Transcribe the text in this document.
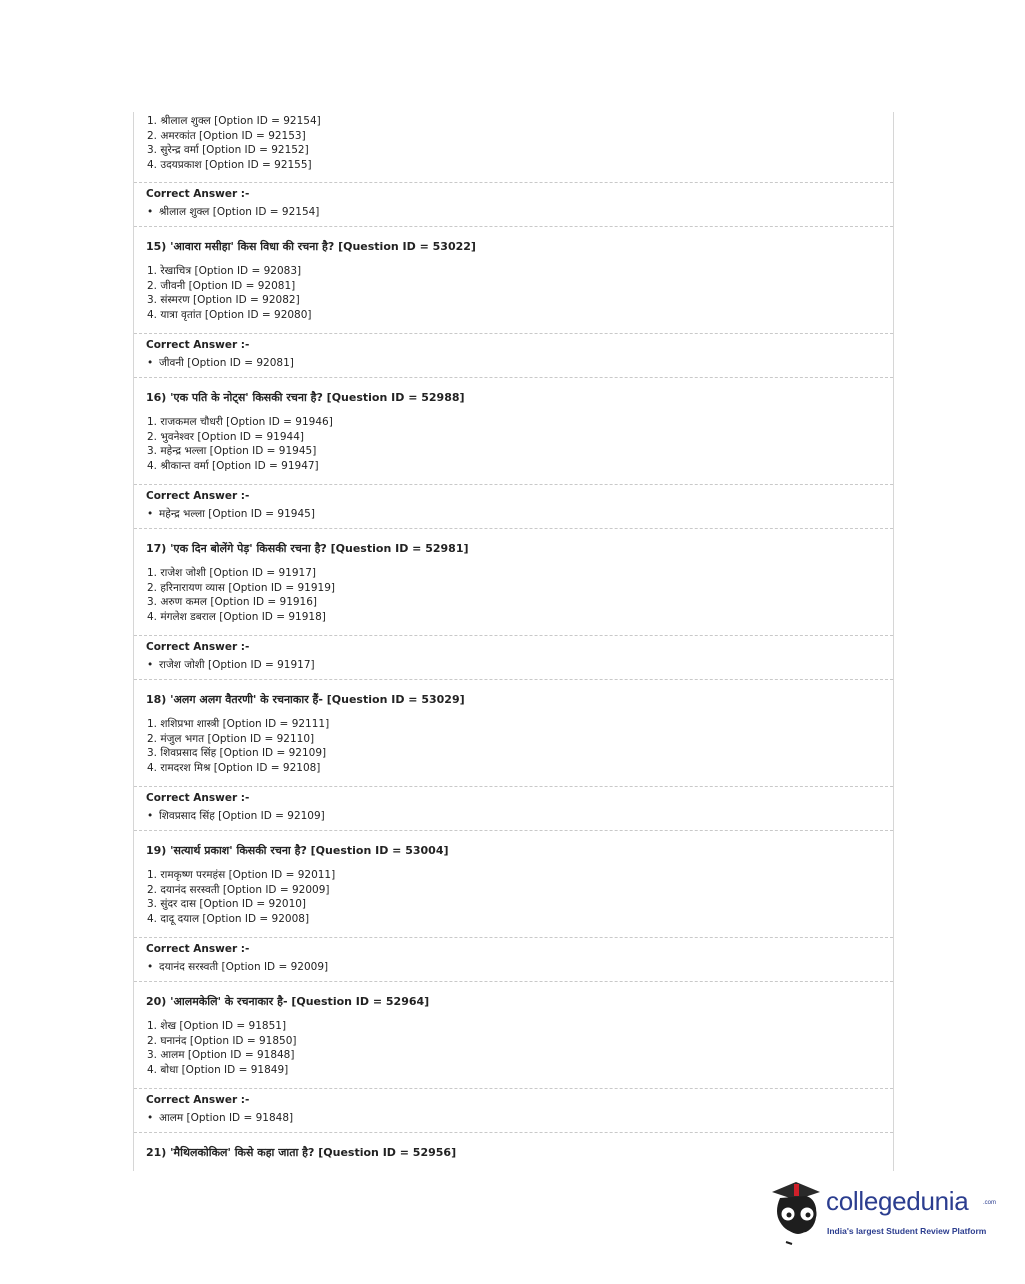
1. श्रीलाल शुक्ल [Option ID = 92154]
2. अमरकांत [Option ID = 92153]
3. सुरेन्द्र वर्मा [Option ID = 92152]
4. उदयप्रकाश [Option ID = 92155]
Correct Answer :-
• श्रीलाल शुक्ल [Option ID = 92154]
15) 'आवारा मसीहा' किस विधा की रचना है? [Question ID = 53022]
1. रेखाचित्र [Option ID = 92083]
2. जीवनी [Option ID = 92081]
3. संस्मरण [Option ID = 92082]
4. यात्रा वृतांत [Option ID = 92080]
Correct Answer :-
• जीवनी [Option ID = 92081]
16) 'एक पति के नोट्स' किसकी रचना है? [Question ID = 52988]
1. राजकमल चौधरी [Option ID = 91946]
2. भुवनेश्वर [Option ID = 91944]
3. महेन्द्र भल्ला [Option ID = 91945]
4. श्रीकान्त वर्मा [Option ID = 91947]
Correct Answer :-
• महेन्द्र भल्ला [Option ID = 91945]
17) 'एक दिन बोलेंगे पेड़' किसकी रचना है? [Question ID = 52981]
1. राजेश जोशी [Option ID = 91917]
2. हरिनारायण व्यास [Option ID = 91919]
3. अरुण कमल [Option ID = 91916]
4. मंगलेश डबराल [Option ID = 91918]
Correct Answer :-
• राजेश जोशी [Option ID = 91917]
18) 'अलग अलग वैतरणी' के रचनाकार हैं- [Question ID = 53029]
1. शशिप्रभा शास्त्री [Option ID = 92111]
2. मंजुल भगत [Option ID = 92110]
3. शिवप्रसाद सिंह [Option ID = 92109]
4. रामदरश मिश्र [Option ID = 92108]
Correct Answer :-
• शिवप्रसाद सिंह [Option ID = 92109]
19) 'सत्यार्थ प्रकाश' किसकी रचना है? [Question ID = 53004]
1. रामकृष्ण परमहंस [Option ID = 92011]
2. दयानंद सरस्वती [Option ID = 92009]
3. सुंदर दास [Option ID = 92010]
4. दादू दयाल [Option ID = 92008]
Correct Answer :-
• दयानंद सरस्वती [Option ID = 92009]
20) 'आलमकेलि' के रचनाकार है- [Question ID = 52964]
1. शेख [Option ID = 91851]
2. घनानंद [Option ID = 91850]
3. आलम [Option ID = 91848]
4. बोधा [Option ID = 91849]
Correct Answer :-
• आलम [Option ID = 91848]
21) 'मैथिलकोकिल' किसे कहा जाता है? [Question ID = 52956]
collegedunia .com
India's largest Student Review Platform
